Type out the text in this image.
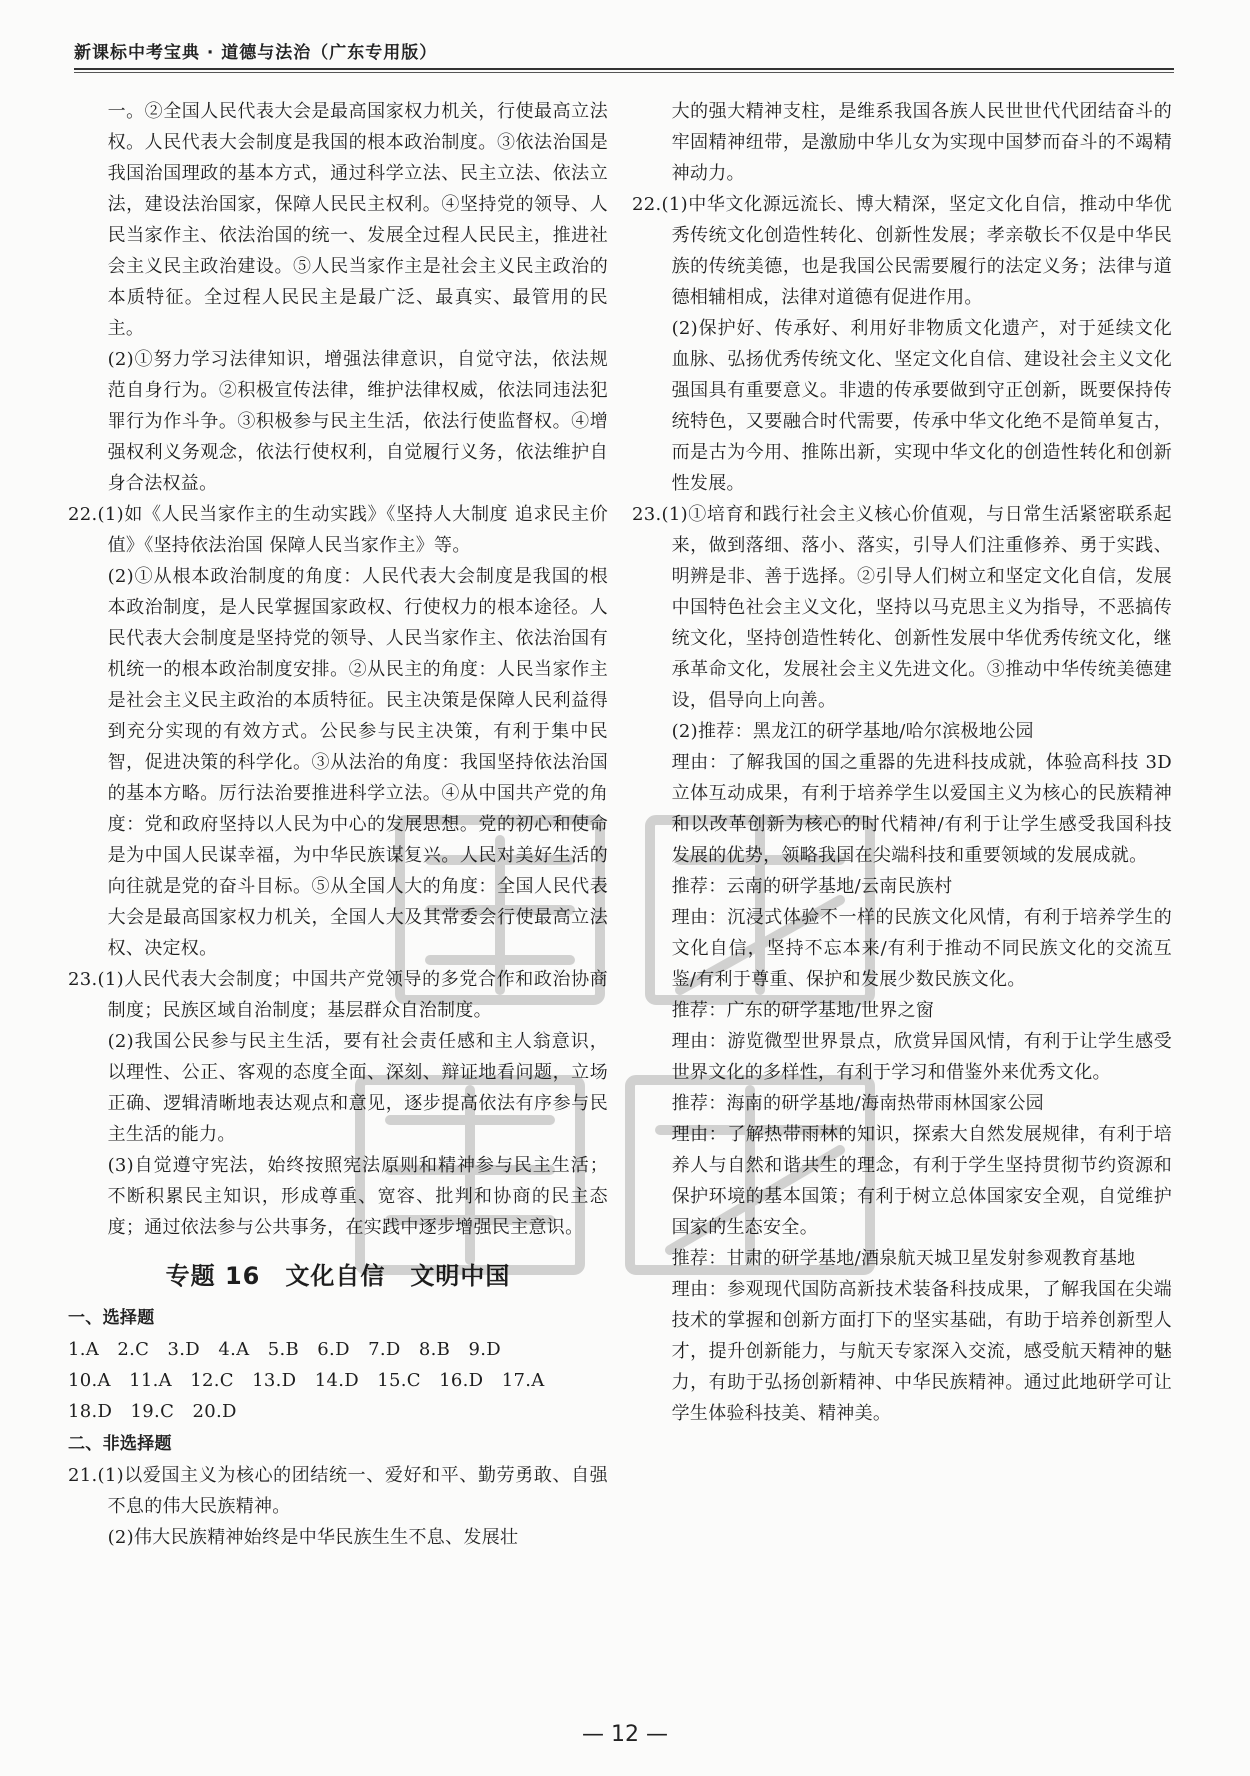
新课标中考宝典 · 道德与法治（广东专用版）

一。②全国人民代表大会是最高国家权力机关，行使最高立法权。人民代表大会制度是我国的根本政治制度。③依法治国是我国治国理政的基本方式，通过科学立法、民主立法、依法立法，建设法治国家，保障人民民主权利。④坚持党的领导、人民当家作主、依法治国的统一、发展全过程人民民主，推进社会主义民主政治建设。⑤人民当家作主是社会主义民主政治的本质特征。全过程人民民主是最广泛、最真实、最管用的民主。

(2)①努力学习法律知识，增强法律意识，自觉守法，依法规范自身行为。②积极宣传法律，维护法律权威，依法同违法犯罪行为作斗争。③积极参与民主生活，依法行使监督权。④增强权利义务观念，依法行使权利，自觉履行义务，依法维护自身合法权益。

22.(1)如《人民当家作主的生动实践》《坚持人大制度 追求民主价值》《坚持依法治国 保障人民当家作主》等。

(2)①从根本政治制度的角度：人民代表大会制度是我国的根本政治制度，是人民掌握国家政权、行使权力的根本途径。人民代表大会制度是坚持党的领导、人民当家作主、依法治国有机统一的根本政治制度安排。②从民主的角度：人民当家作主是社会主义民主政治的本质特征。民主决策是保障人民利益得到充分实现的有效方式。公民参与民主决策，有利于集中民智，促进决策的科学化。③从法治的角度：我国坚持依法治国的基本方略。厉行法治要推进科学立法。④从中国共产党的角度：党和政府坚持以人民为中心的发展思想。党的初心和使命是为中国人民谋幸福，为中华民族谋复兴。人民对美好生活的向往就是党的奋斗目标。⑤从全国人大的角度：全国人民代表大会是最高国家权力机关，全国人大及其常委会行使最高立法权、决定权。

23.(1)人民代表大会制度；中国共产党领导的多党合作和政治协商制度；民族区域自治制度；基层群众自治制度。

(2)我国公民参与民主生活，要有社会责任感和主人翁意识，以理性、公正、客观的态度全面、深刻、辩证地看问题，立场正确、逻辑清晰地表达观点和意见，逐步提高依法有序参与民主生活的能力。

(3)自觉遵守宪法，始终按照宪法原则和精神参与民主生活；不断积累民主知识，形成尊重、宽容、批判和协商的民主态度；通过依法参与公共事务，在实践中逐步增强民主意识。

专题 16　文化自信　文明中国
一、选择题

1.A　2.C　3.D　4.A　5.B　6.D　7.D　8.B　9.D

10.A　11.A　12.C　13.D　14.D　15.C　16.D　17.A

18.D　19.C　20.D

二、非选择题

21.(1)以爱国主义为核心的团结统一、爱好和平、勤劳勇敢、自强不息的伟大民族精神。

(2)伟大民族精神始终是中华民族生生不息、发展壮

大的强大精神支柱，是维系我国各族人民世世代代团结奋斗的牢固精神纽带，是激励中华儿女为实现中国梦而奋斗的不竭精神动力。

22.(1)中华文化源远流长、博大精深，坚定文化自信，推动中华优秀传统文化创造性转化、创新性发展；孝亲敬长不仅是中华民族的传统美德，也是我国公民需要履行的法定义务；法律与道德相辅相成，法律对道德有促进作用。

(2)保护好、传承好、利用好非物质文化遗产，对于延续文化血脉、弘扬优秀传统文化、坚定文化自信、建设社会主义文化强国具有重要意义。非遗的传承要做到守正创新，既要保持传统特色，又要融合时代需要，传承中华文化绝不是简单复古，而是古为今用、推陈出新，实现中华文化的创造性转化和创新性发展。

23.(1)①培育和践行社会主义核心价值观，与日常生活紧密联系起来，做到落细、落小、落实，引导人们注重修养、勇于实践、明辨是非、善于选择。②引导人们树立和坚定文化自信，发展中国特色社会主义文化，坚持以马克思主义为指导，不恶搞传统文化，坚持创造性转化、创新性发展中华优秀传统文化，继承革命文化，发展社会主义先进文化。③推动中华传统美德建设，倡导向上向善。

(2)推荐：黑龙江的研学基地/哈尔滨极地公园

理由：了解我国的国之重器的先进科技成就，体验高科技 3D 立体互动成果，有利于培养学生以爱国主义为核心的民族精神和以改革创新为核心的时代精神/有利于让学生感受我国科技发展的优势，领略我国在尖端科技和重要领域的发展成就。

推荐：云南的研学基地/云南民族村

理由：沉浸式体验不一样的民族文化风情，有利于培养学生的文化自信，坚持不忘本来/有利于推动不同民族文化的交流互鉴/有利于尊重、保护和发展少数民族文化。

推荐：广东的研学基地/世界之窗

理由：游览微型世界景点，欣赏异国风情，有利于让学生感受世界文化的多样性，有利于学习和借鉴外来优秀文化。

推荐：海南的研学基地/海南热带雨林国家公园

理由：了解热带雨林的知识，探索大自然发展规律，有利于培养人与自然和谐共生的理念，有利于学生坚持贯彻节约资源和保护环境的基本国策；有利于树立总体国家安全观，自觉维护国家的生态安全。

推荐：甘肃的研学基地/酒泉航天城卫星发射参观教育基地

理由：参观现代国防高新技术装备科技成果，了解我国在尖端技术的掌握和创新方面打下的坚实基础，有助于培养创新型人才，提升创新能力，与航天专家深入交流，感受航天精神的魅力，有助于弘扬创新精神、中华民族精神。通过此地研学可让学生体验科技美、精神美。

— 12 —
